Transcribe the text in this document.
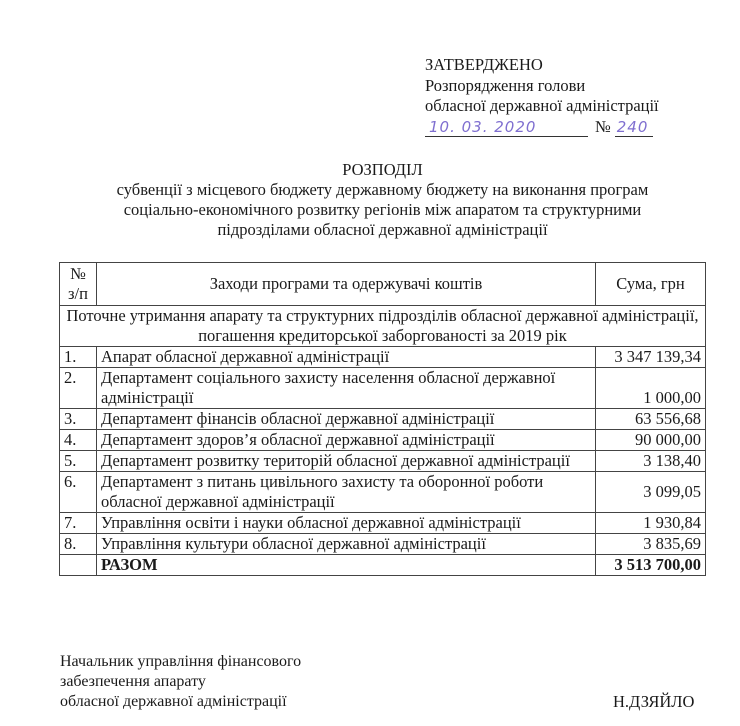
ЗАТВЕРДЖЕНО
Розпорядження голови
обласної державної адміністрації
10. 03. 2020	№ 240
РОЗПОДІЛ
субвенції з місцевого бюджету державному бюджету на виконання програм
соціально-економічного розвитку регіонів між апаратом та структурними
підрозділами обласної державної адміністрації
№
з/п	Заходи програми та одержувачі коштів	Сума, грн
Поточне утримання апарату та структурних підрозділів обласної державної адміністрації, погашення кредиторської заборгованості за 2019 рік		
1.	Апарат обласної державної адміністрації	3 347 139,34
2.	Департамент соціального захисту населення обласної державної адміністрації	1 000,00
3.	Департамент фінансів обласної державної адміністрації	63 556,68
4.	Департамент здоров’я обласної державної адміністрації	90 000,00
5.	Департамент розвитку територій обласної державної адміністрації	3 138,40
6.	Департамент з питань цивільного захисту та оборонної роботи обласної державної адміністрації	3 099,05
7.	Управління освіти і науки обласної державної адміністрації	1 930,84
8.	Управління культури обласної державної адміністрації	3 835,69
	РАЗОМ	3 513 700,00
Начальник управління фінансового
забезпечення апарату
обласної державної адміністрації	Н.ДЗЯЙЛО
